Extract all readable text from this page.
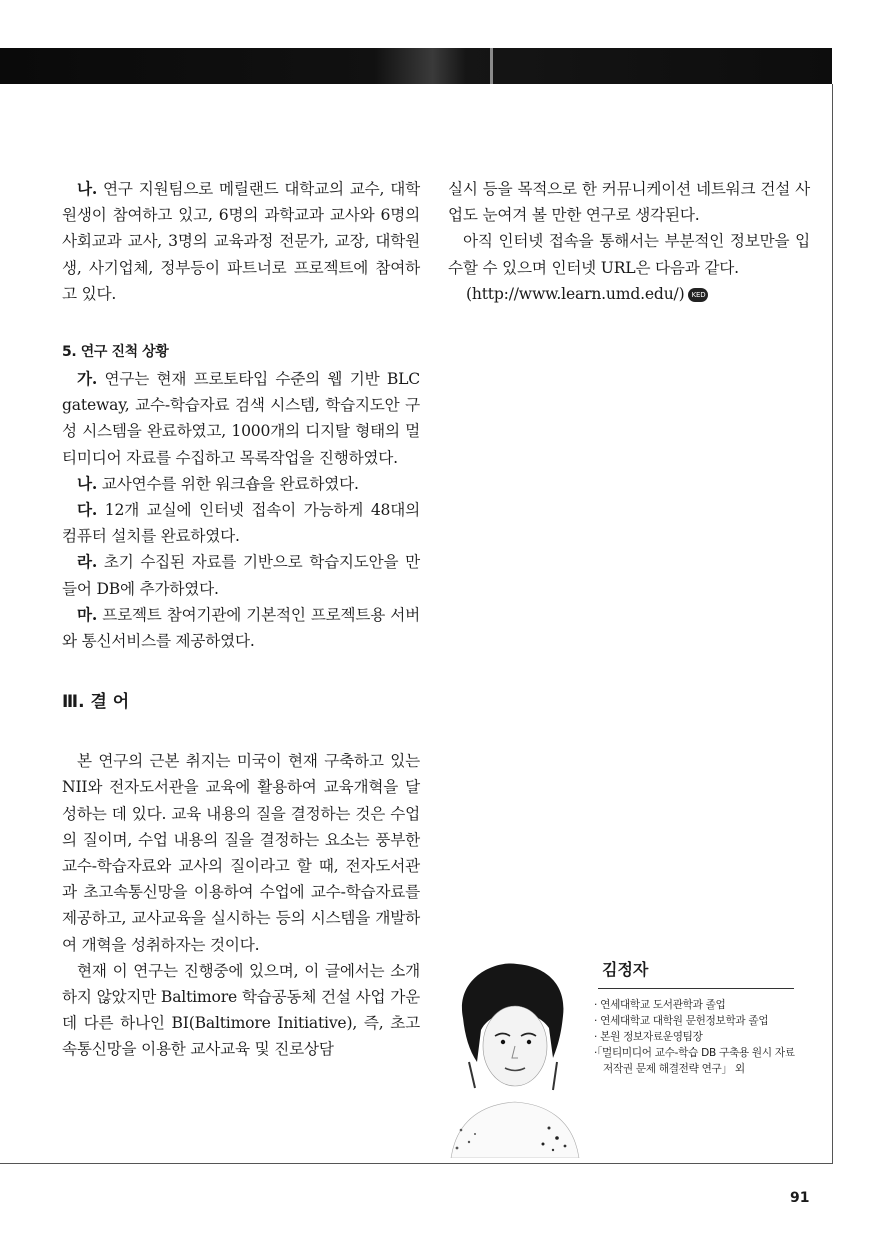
나. 연구 지원팀으로 메릴랜드 대학교의 교수, 대학원생이 참여하고 있고, 6명의 과학교과 교사와 6명의 사회교과 교사, 3명의 교육과정 전문가, 교장, 대학원생, 사기업체, 정부등이 파트너로 프로젝트에 참여하고 있다.

5. 연구 진척 상황

가. 연구는 현재 프로토타입 수준의 웹 기반 BLC gateway, 교수-학습자료 검색 시스템, 학습지도안 구성 시스템을 완료하였고, 1000개의 디지탈 형태의 멀티미디어 자료를 수집하고 목록작업을 진행하였다.

나. 교사연수를 위한 워크숍을 완료하였다.

다. 12개 교실에 인터넷 접속이 가능하게 48대의 컴퓨터 설치를 완료하였다.

라. 초기 수집된 자료를 기반으로 학습지도안을 만들어 DB에 추가하였다.

마. 프로젝트 참여기관에 기본적인 프로젝트용 서버와 통신서비스를 제공하였다.

Ⅲ. 결 어

본 연구의 근본 취지는 미국이 현재 구축하고 있는 NII와 전자도서관을 교육에 활용하여 교육개혁을 달성하는 데 있다. 교육 내용의 질을 결정하는 것은 수업의 질이며, 수업 내용의 질을 결정하는 요소는 풍부한 교수-학습자료와 교사의 질이라고 할 때, 전자도서관과 초고속통신망을 이용하여 수업에 교수-학습자료를 제공하고, 교사교육을 실시하는 등의 시스템을 개발하여 개혁을 성취하자는 것이다.

현재 이 연구는 진행중에 있으며, 이 글에서는 소개하지 않았지만 Baltimore 학습공동체 건설 사업 가운데 다른 하나인 BI(Baltimore Initiative), 즉, 초고속통신망을 이용한 교사교육 및 진로상담

실시 등을 목적으로 한 커뮤니케이션 네트워크 건설 사업도 눈여겨 볼 만한 연구로 생각된다.

아직 인터넷 접속을 통해서는 부분적인 정보만을 입수할 수 있으며 인터넷 URL은 다음과 같다.

(http://www.learn.umd.edu/) KED

김정자
· 연세대학교 도서관학과 졸업
· 연세대학교 대학원 문헌정보학과 졸업
· 본원 정보자료운영팀장
·「멀티미디어 교수-학습 DB 구축용 원시 자료 저작권 문제 해결전략 연구」 외
91
